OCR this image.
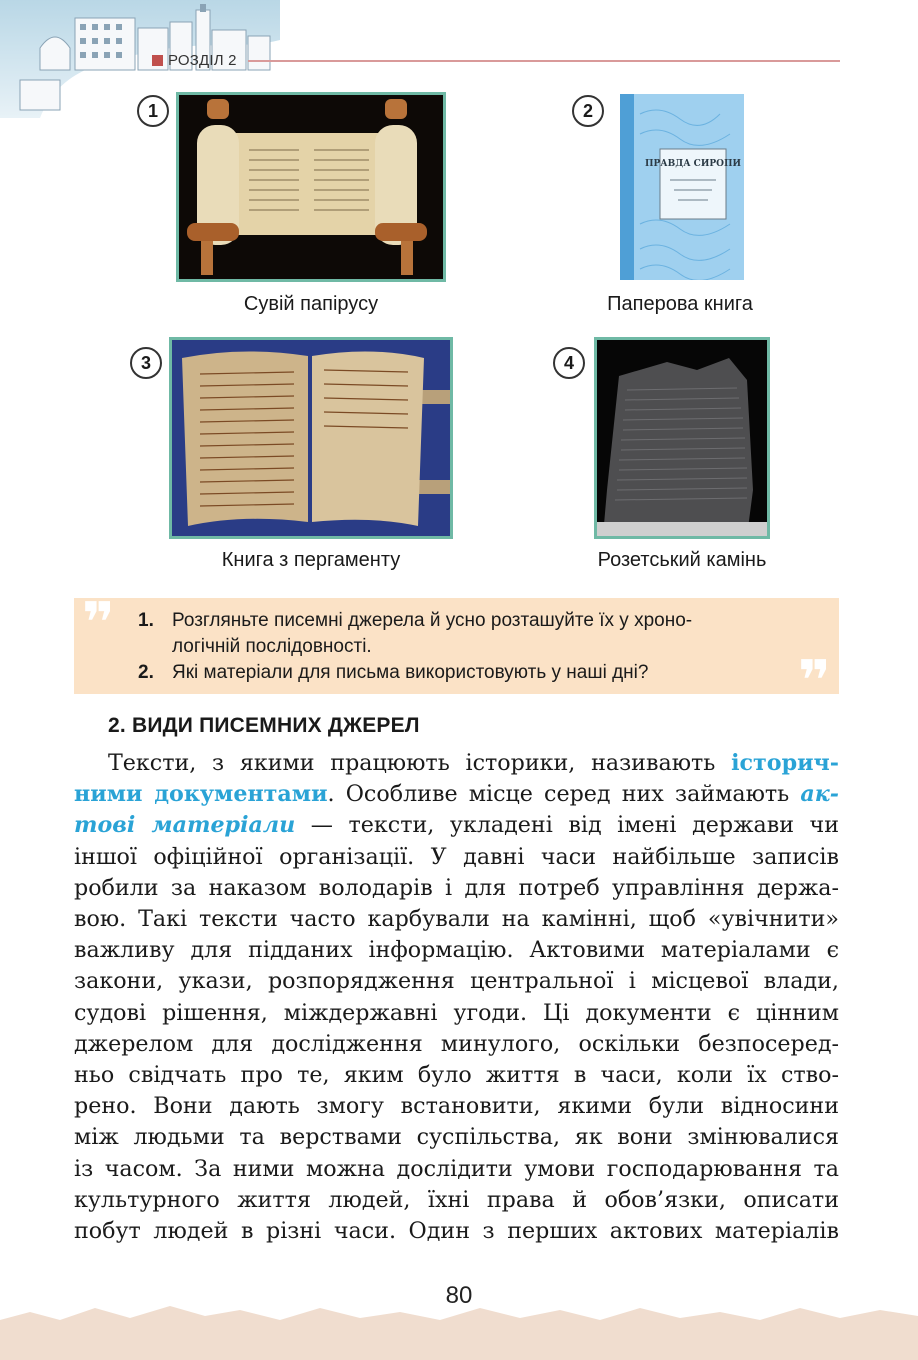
РОЗДІЛ 2
1
Сувій папірусу
2
ПРАВДА СИРОПИ
Паперова книга
3
Книга з пергаменту
4
Розетський камінь
❞
❞
1. Розгляньте писемні джерела й усно розташуйте їх у хроно-
логічній послідовності.
2. Які матеріали для письма використовують у наші дні?
2. ВИДИ ПИСЕМНИХ ДЖЕРЕЛ
Тексти, з якими працюють історики, називають історич-
ними документами. Особливе місце серед них займають ак-
тові матеріали — тексти, укладені від імені держави чи
іншої офіційної організації. У давні часи найбільше записів
робили за наказом володарів і для потреб управління держа-
вою. Такі тексти часто карбували на камінні, щоб «увічнити»
важливу для підданих інформацію. Актовими матеріалами є
закони, укази, розпорядження центральної і місцевої влади,
судові рішення, міждержавні угоди. Ці документи є цінним
джерелом для дослідження минулого, оскільки безпосеред-
ньо свідчать про те, яким було життя в часи, коли їх ство-
рено. Вони дають змогу встановити, якими були відносини
між людьми та верствами суспільства, як вони змінювалися
із часом. За ними можна дослідити умови господарювання та
культурного життя людей, їхні права й обов’язки, описати
побут людей в різні часи. Один з перших актових матеріалів
80
